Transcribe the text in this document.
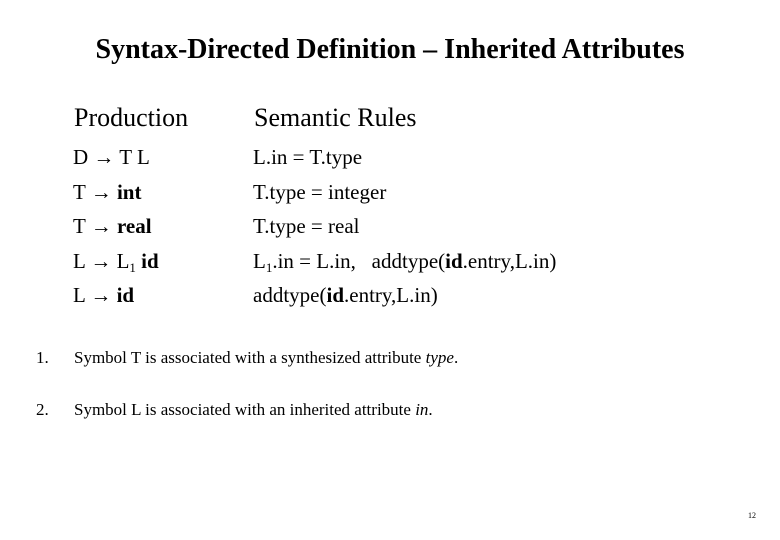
Syntax-Directed Definition – Inherited Attributes
Production	Semantic Rules
D → T L	L.in = T.type
T → int	T.type = integer
T → real	T.type = real
$L \to L_1$ id	$L_1.in = L.in$,   addtype(id.entry,L.in)
L → id	addtype(id.entry,L.in)
1. Symbol T is associated with a synthesized attribute type.
2. Symbol L is associated with an inherited attribute in.
12
